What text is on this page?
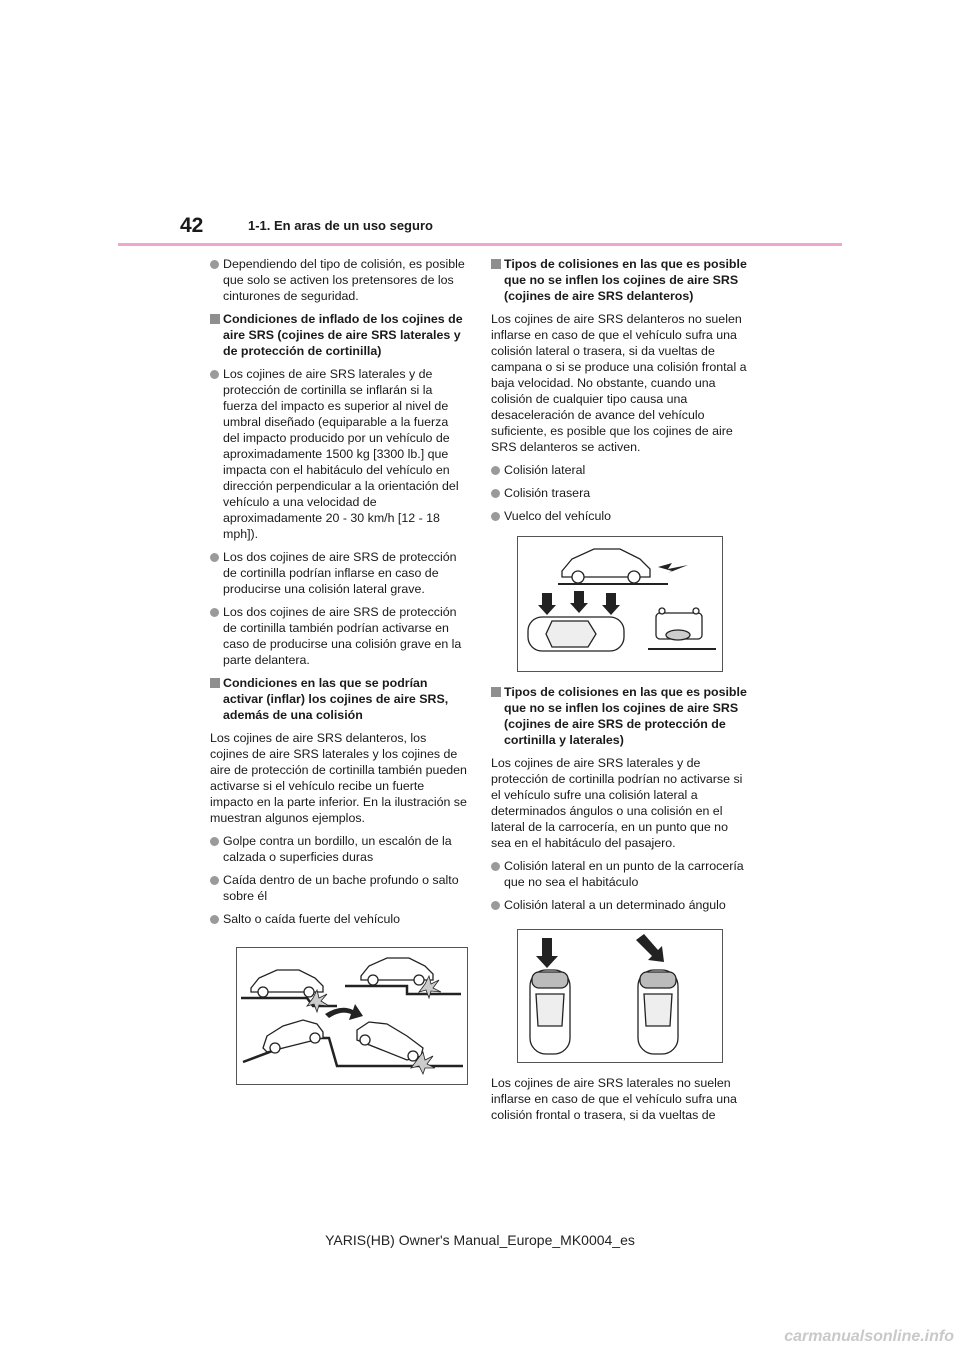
42	1-1. En aras de un uso seguro
Dependiendo del tipo de colisión, es posible que solo se activen los pretensores de los cinturones de seguridad.
Condiciones de inflado de los cojines de aire SRS (cojines de aire SRS laterales y de protección de cortinilla)
Los cojines de aire SRS laterales y de protección de cortinilla se inflarán si la fuerza del impacto es superior al nivel de umbral diseñado (equiparable a la fuerza del impacto producido por un vehículo de aproximadamente 1500 kg [3300 lb.] que impacta con el habitáculo del vehículo en dirección perpendicular a la orientación del vehículo a una velocidad de aproximadamente 20 - 30 km/h [12 - 18 mph]).
Los dos cojines de aire SRS de protección de cortinilla podrían inflarse en caso de producirse una colisión lateral grave.
Los dos cojines de aire SRS de protección de cortinilla también podrían activarse en caso de producirse una colisión grave en la parte delantera.
Condiciones en las que se podrían activar (inflar) los cojines de aire SRS, además de una colisión
Los cojines de aire SRS delanteros, los cojines de aire SRS laterales y los cojines de aire de protección de cortinilla también pueden activarse si el vehículo recibe un fuerte impacto en la parte inferior. En la ilustración se muestran algunos ejemplos.
Golpe contra un bordillo, un escalón de la calzada o superficies duras
Caída dentro de un bache profundo o salto sobre él
Salto o caída fuerte del vehículo
Tipos de colisiones en las que es posible que no se inflen los cojines de aire SRS (cojines de aire SRS delanteros)
Los cojines de aire SRS delanteros no suelen inflarse en caso de que el vehículo sufra una colisión lateral o trasera, si da vueltas de campana o si se produce una colisión frontal a baja velocidad. No obstante, cuando una colisión de cualquier tipo causa una desaceleración de avance del vehículo suficiente, es posible que los cojines de aire SRS delanteros se activen.
Colisión lateral
Colisión trasera
Vuelco del vehículo
Tipos de colisiones en las que es posible que no se inflen los cojines de aire SRS (cojines de aire SRS de protección de cortinilla y laterales)
Los cojines de aire SRS laterales y de protección de cortinilla podrían no activarse si el vehículo sufre una colisión lateral a determinados ángulos o una colisión en el lateral de la carrocería, en un punto que no sea en el habitáculo del pasajero.
Colisión lateral en un punto de la carrocería que no sea el habitáculo
Colisión lateral a un determinado ángulo
Los cojines de aire SRS laterales no suelen inflarse en caso de que el vehículo sufra una colisión frontal o trasera, si da vueltas de
YARIS(HB) Owner's Manual_Europe_MK0004_es
carmanualsonline.info
